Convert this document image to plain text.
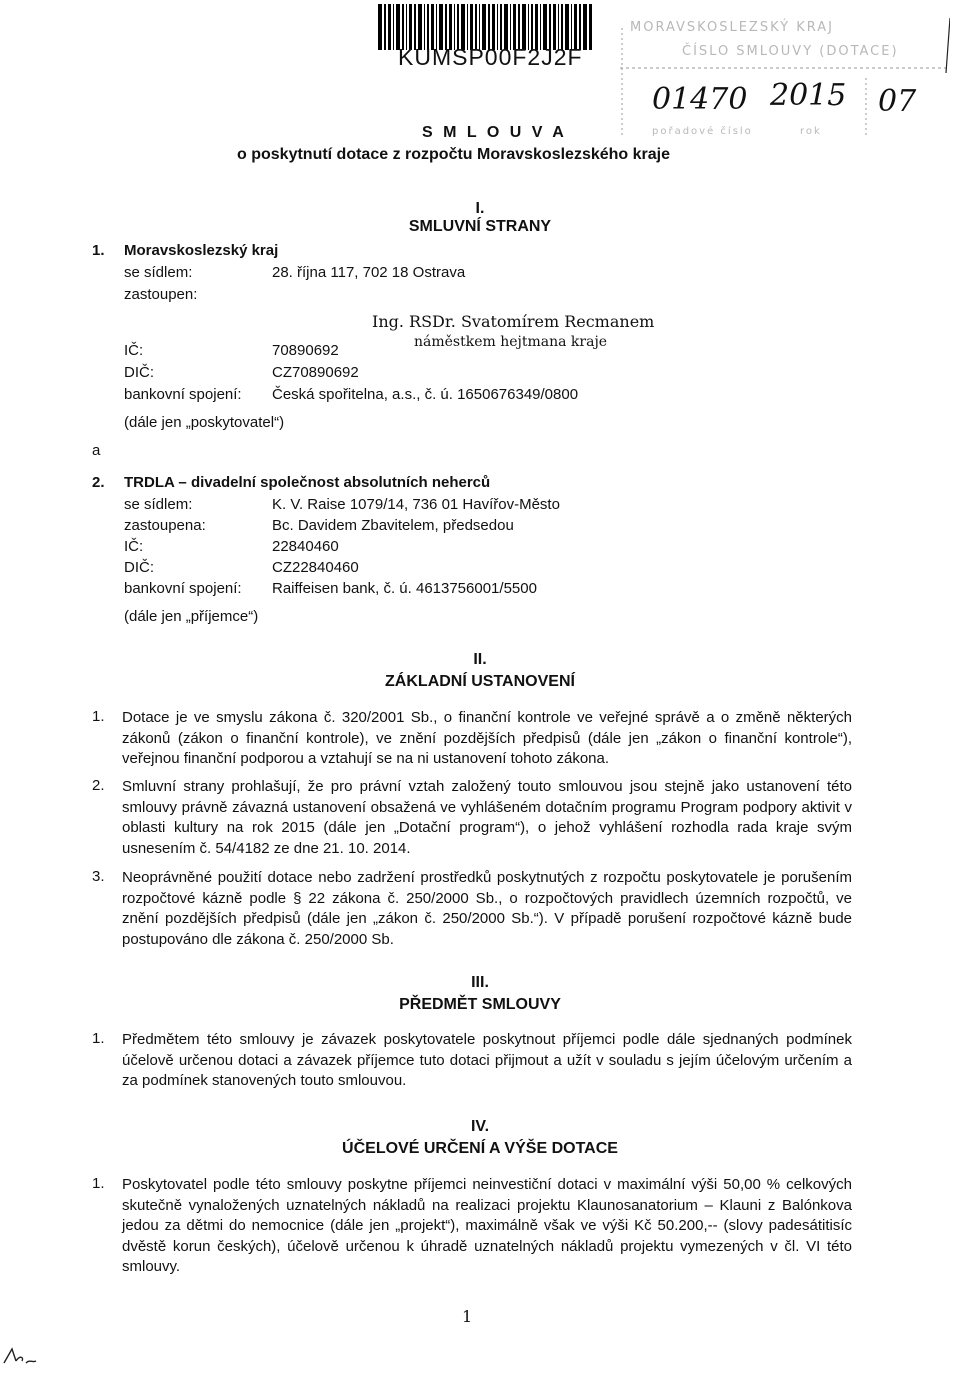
KUMSP00F2J2F
MORAVSKOSLEZSKÝ KRAJ
ČÍSLO SMLOUVY (DOTACE)
pořadové číslo	rok
01470 2015 07
S M L O U V A
o poskytnutí dotace z rozpočtu Moravskoslezského kraje
I.
SMLUVNÍ STRANY
1. Moravskoslezský kraj
se sídlem:	28. října 117, 702 18 Ostrava
zastoupen:
Ing. RSDr. Svatomírem Recmanem
náměstkem hejtmana kraje
IČ:	70890692
DIČ:	CZ70890692
bankovní spojení: Česká spořitelna, a.s., č. ú. 1650676349/0800
(dále jen „poskytovatel“)
a
2. TRDLA – divadelní společnost absolutních neherců
se sídlem:	K. V. Raise 1079/14, 736 01 Havířov-Město
zastoupena:	Bc. Davidem Zbavitelem, předsedou
IČ:	22840460
DIČ:	CZ22840460
bankovní spojení: Raiffeisen bank, č. ú. 4613756001/5500
(dále jen „příjemce“)
II.
ZÁKLADNÍ USTANOVENÍ
1. Dotace je ve smyslu zákona č. 320/2001 Sb., o finanční kontrole ve veřejné správě a o změně některých zákonů (zákon o finanční kontrole), ve znění pozdějších předpisů (dále jen „zákon o finanční kontrole“), veřejnou finanční podporou a vztahují se na ni ustanovení tohoto zákona.
2. Smluvní strany prohlašují, že pro právní vztah založený touto smlouvou jsou stejně jako ustanovení této smlouvy právně závazná ustanovení obsažená ve vyhlášeném dotačním programu Program podpory aktivit v oblasti kultury na rok 2015 (dále jen „Dotační program“), o jehož vyhlášení rozhodla rada kraje svým usnesením č. 54/4182 ze dne 21. 10. 2014.
3. Neoprávněné použití dotace nebo zadržení prostředků poskytnutých z rozpočtu poskytovatele je porušením rozpočtové kázně podle § 22 zákona č. 250/2000 Sb., o rozpočtových pravidlech územních rozpočtů, ve znění pozdějších předpisů (dále jen „zákon č. 250/2000 Sb.“). V případě porušení rozpočtové kázně bude postupováno dle zákona č. 250/2000 Sb.
III.
PŘEDMĚT SMLOUVY
1. Předmětem této smlouvy je závazek poskytovatele poskytnout příjemci podle dále sjednaných podmínek účelově určenou dotaci a závazek příjemce tuto dotaci přijmout a užít v souladu s jejím účelovým určením a za podmínek stanovených touto smlouvou.
IV.
ÚČELOVÉ URČENÍ A VÝŠE DOTACE
1. Poskytovatel podle této smlouvy poskytne příjemci neinvestiční dotaci v maximální výši 50,00 % celkových skutečně vynaložených uznatelných nákladů na realizaci projektu Klaunosanatorium – Klauni z Balónkova jedou za dětmi do nemocnice (dále jen „projekt“), maximálně však ve výši Kč 50.200,-- (slovy padesátitisíc dvěstě korun českých), účelově určenou k úhradě uznatelných nákladů projektu vymezených v čl. VI této smlouvy.
1
